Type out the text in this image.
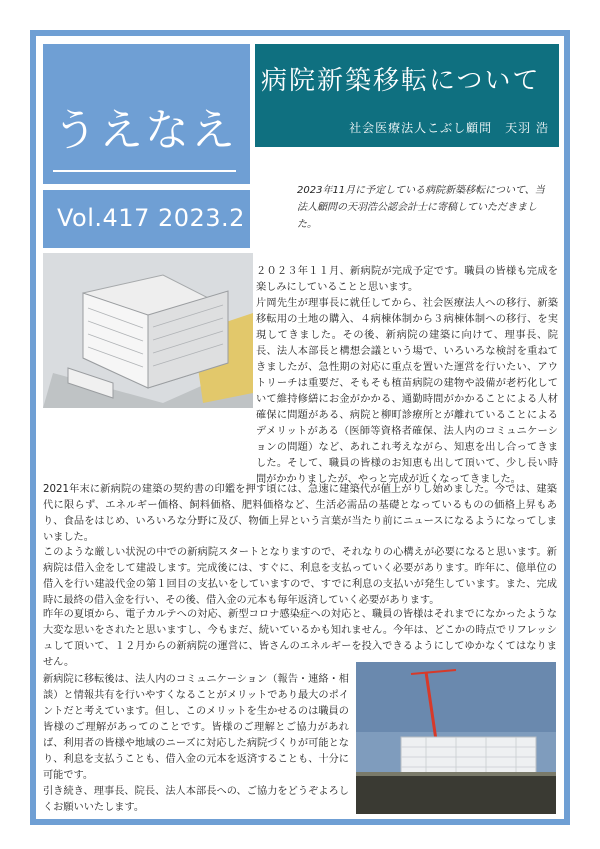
うえなえ
Vol.417 2023.2
病院新築移転について
社会医療法人こぶし顧問　天羽 浩
2023年11月に予定している病院新築移転について、当法人顧問の天羽浩公認会計士に寄稿していただきました。
２０２３年１１月、新病院が完成予定です。職員の皆様も完成を楽しみにしていることと思います。
片岡先生が理事長に就任してから、社会医療法人への移行、新築移転用の土地の購入、４病棟体制から３病棟体制への移行、を実現してきました。その後、新病院の建築に向けて、理事長、院長、法人本部長と構想会議という場で、いろいろな検討を重ねてきましたが、急性期の対応に重点を置いた運営を行いたい、アウトリーチは重要だ、そもそも植苗病院の建物や設備が老朽化していて維持修繕にお金がかかる、通勤時間がかかることによる人材確保に問題がある、病院と柳町診療所とが離れていることによるデメリットがある（医師等資格者確保、法人内のコミュニケーションの問題）など、あれこれ考えながら、知恵を出し合ってきました。そして、職員の皆様のお知恵も出して頂いて、少し長い時間がかかりましたが、やっと完成が近くなってきました。
2021年末に新病院の建築の契約書の印鑑を押す頃には、急速に建築代が値上がりし始めました。今では、建築代に限らず、エネルギー価格、飼料価格、肥料価格など、生活必需品の基礎となっているものの価格上昇もあり、食品をはじめ、いろいろな分野に及び、物価上昇という言葉が当たり前にニュースになるようになってしまいました。
このような厳しい状況の中での新病院スタートとなりますので、それなりの心構えが必要になると思います。新病院は借入金をして建設します。完成後には、すぐに、利息を支払っていく必要があります。昨年に、億単位の借入を行い建設代金の第１回目の支払いをしていますので、すでに利息の支払いが発生しています。また、完成時に最終の借入金を行い、その後、借入金の元本も毎年返済していく必要があります。
昨年の夏頃から、電子カルテへの対応、新型コロナ感染症への対応と、職員の皆様はそれまでになかったような大変な思いをされたと思いますし、今もまだ、続いているかも知れません。今年は、どこかの時点でリフレッシュして頂いて、１２月からの新病院の運営に、皆さんのエネルギーを投入できるようにしてゆかなくてはなりません。
新病院に移転後は、法人内のコミュニケーション（報告・連絡・相談）と情報共有を行いやすくなることがメリットであり最大のポイントだと考えています。但し、このメリットを生かせるのは職員の皆様のご理解があってのことです。皆様のご理解とご協力があれば、利用者の皆様や地域のニーズに対応した病院づくりが可能となり、利息を支払うことも、借入金の元本を返済することも、十分に可能です。
引き続き、理事長、院長、法人本部長への、ご協力をどうぞよろしくお願いいたします。
